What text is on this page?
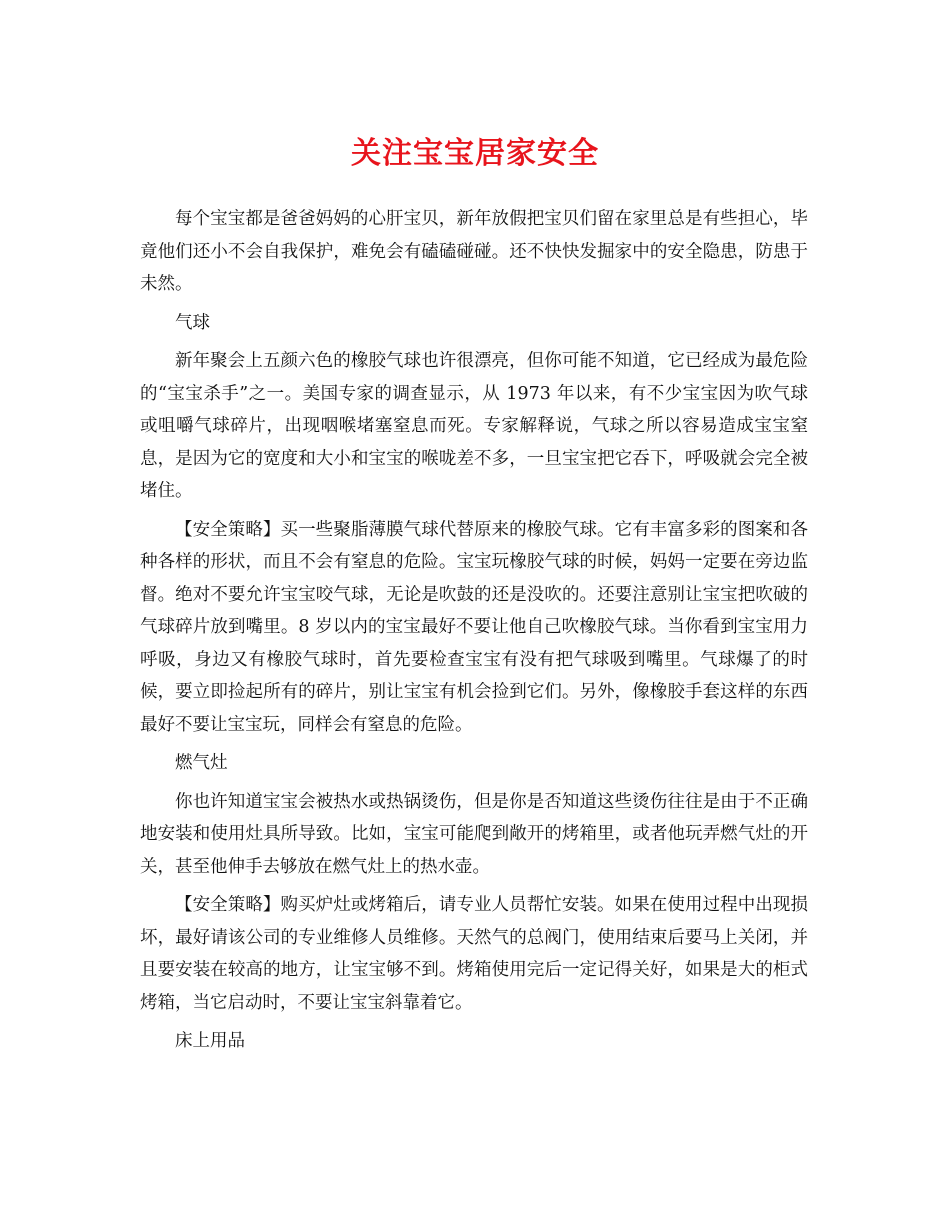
关注宝宝居家安全

每个宝宝都是爸爸妈妈的心肝宝贝，新年放假把宝贝们留在家里总是有些担心，毕竟他们还小不会自我保护，难免会有磕磕碰碰。还不快快发掘家中的安全隐患，防患于未然。

气球

新年聚会上五颜六色的橡胶气球也许很漂亮，但你可能不知道，它已经成为最危险的“宝宝杀手”之一。美国专家的调查显示，从 1973 年以来，有不少宝宝因为吹气球或咀嚼气球碎片，出现咽喉堵塞窒息而死。专家解释说，气球之所以容易造成宝宝窒息，是因为它的宽度和大小和宝宝的喉咙差不多，一旦宝宝把它吞下，呼吸就会完全被堵住。

【安全策略】买一些聚脂薄膜气球代替原来的橡胶气球。它有丰富多彩的图案和各种各样的形状，而且不会有窒息的危险。宝宝玩橡胶气球的时候，妈妈一定要在旁边监督。绝对不要允许宝宝咬气球，无论是吹鼓的还是没吹的。还要注意别让宝宝把吹破的气球碎片放到嘴里。8 岁以内的宝宝最好不要让他自己吹橡胶气球。当你看到宝宝用力呼吸，身边又有橡胶气球时，首先要检查宝宝有没有把气球吸到嘴里。气球爆了的时候，要立即捡起所有的碎片，别让宝宝有机会捡到它们。另外，像橡胶手套这样的东西最好不要让宝宝玩，同样会有窒息的危险。

燃气灶

你也许知道宝宝会被热水或热锅烫伤，但是你是否知道这些烫伤往往是由于不正确地安装和使用灶具所导致。比如，宝宝可能爬到敞开的烤箱里，或者他玩弄燃气灶的开关，甚至他伸手去够放在燃气灶上的热水壶。

【安全策略】购买炉灶或烤箱后，请专业人员帮忙安装。如果在使用过程中出现损坏，最好请该公司的专业维修人员维修。天然气的总阀门，使用结束后要马上关闭，并且要安装在较高的地方，让宝宝够不到。烤箱使用完后一定记得关好，如果是大的柜式烤箱，当它启动时，不要让宝宝斜靠着它。

床上用品
